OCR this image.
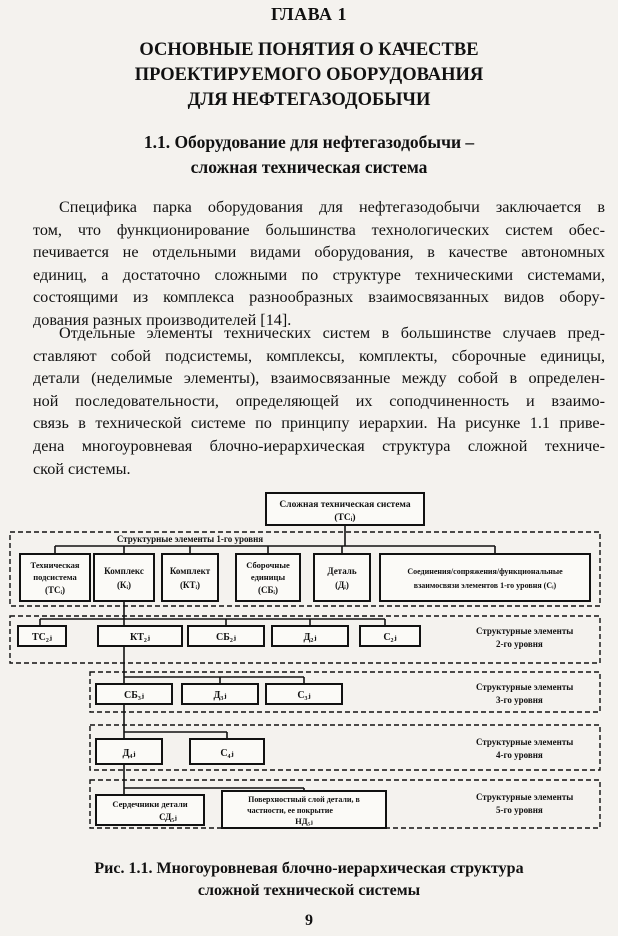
ГЛАВА 1
ОСНОВНЫЕ ПОНЯТИЯ О КАЧЕСТВЕ
ПРОЕКТИРУЕМОГО ОБОРУДОВАНИЯ
ДЛЯ НЕФТЕГАЗОДОБЫЧИ
1.1. Оборудование для нефтегазодобычи –
сложная техническая система
Специфика парка оборудования для нефтегазодобычи заключается в
том, что функционирование большинства технологических систем обес-
печивается не отдельными видами оборудования, в качестве автономных
единиц, а достаточно сложными по структуре техническими системами,
состоящими из комплекса разнообразных взаимосвязанных видов обору-
дования разных производителей [14].
Отдельные элементы технических систем в большинстве случаев пред-
ставляют собой подсистемы, комплексы, комплекты, сборочные единицы,
детали (неделимые элементы), взаимосвязанные между собой в определен-
ной последовательности, определяющей их соподчиненность и взаимо-
связь в технической системе по принципу иерархии. На рисунке 1.1 приве-
дена многоуровневая блочно-иерархическая структура сложной техниче-
ской системы.
Сложная техническая система
(ТСᵢ)
Структурные элементы 1-го уровня
Техническая
подсистема
(ТСᵢ)
Комплекс
(Кᵢ)
Комплект
(КТᵢ)
Сборочные
единицы
(СБᵢ)
Деталь
(Дᵢ)
Соединения/сопряжения/функциональные
взаимосвязи элементов 1-го уровня (Сᵢ)
ТС₂ⱼ	КТ₂ⱼ	СБ₂ⱼ	Д₂ⱼ	С₂ⱼ
Структурные элементы
2-го уровня
СБ₃ⱼ	Д₃ⱼ	С₃ⱼ
Структурные элементы
3-го уровня
Д₄ⱼ	С₄ⱼ
Структурные элементы
4-го уровня
Сердечники детали
СД₅ⱼ
Поверхностный слой детали, в
частности, ее покрытие
НД₅ⱼ
Структурные элементы
5-го уровня
Рис. 1.1. Многоуровневая блочно-иерархическая структура
сложной технической системы
9
